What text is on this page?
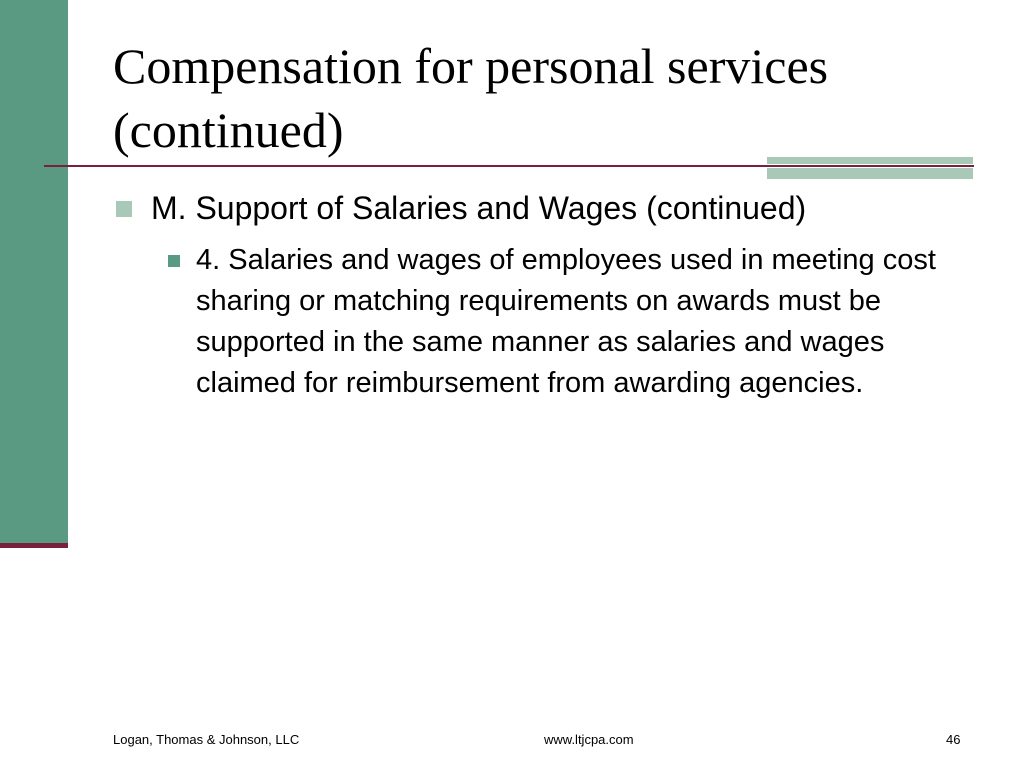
Compensation for personal services (continued)
M. Support of Salaries and Wages (continued)
4. Salaries and wages of employees used in meeting cost sharing or matching requirements on awards must be supported in the same manner as salaries and wages claimed for reimbursement from awarding agencies.
Logan, Thomas & Johnson, LLC	www.ltjcpa.com	46
